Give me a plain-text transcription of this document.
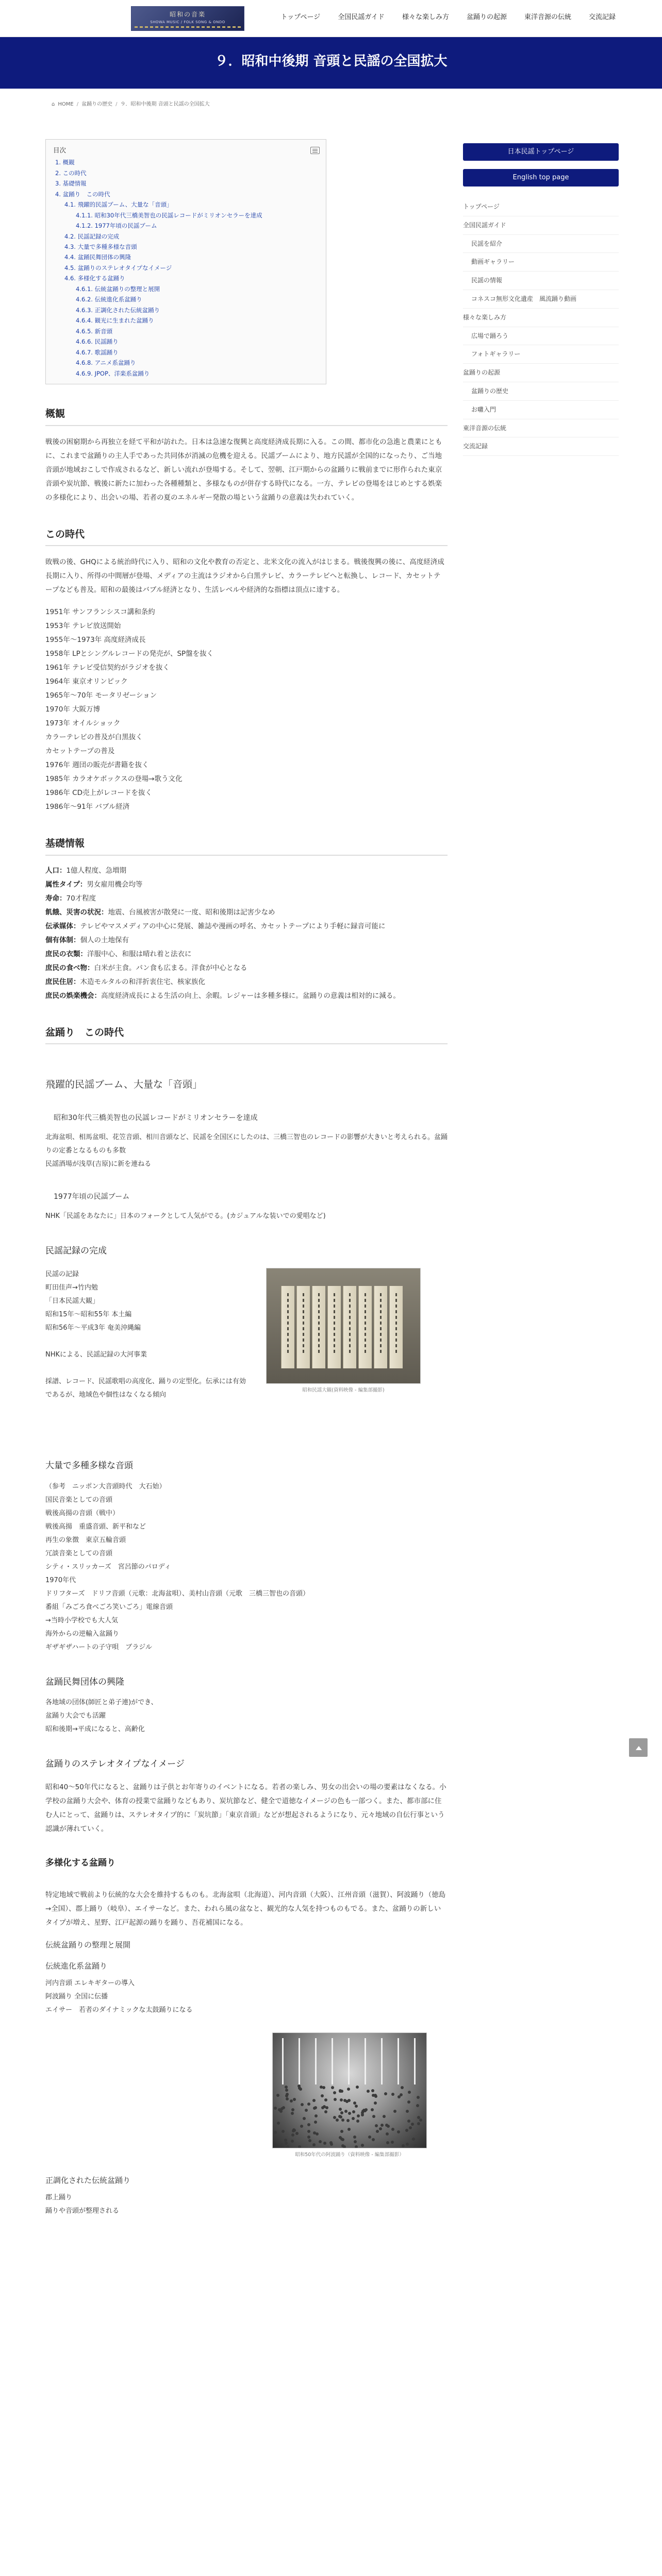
昭和の音楽
SHOWA MUSIC / FOLK SONG & ONDO
トップページ	全国民謡ガイド	様々な楽しみ方	盆踊りの起源	東洋音源の伝統	交流記録
９．昭和中後期 音頭と民謡の全国拡大
⌂ HOME / 盆踊りの歴史 / ９．昭和中後期 音頭と民謡の全国拡大
目次
1. 概観
2. この時代
3. 基礎情報
4. 盆踊り　この時代
4.1. 飛躍的民謡ブーム、大量な「音頭」
4.1.1. 昭和30年代三橋美智也の民謡レコードがミリオンセラーを達成
4.1.2. 1977年頃の民謡ブーム
4.2. 民謡記録の完成
4.3. 大量で多種多様な音頭
4.4. 盆踊民舞団体の興隆
4.5. 盆踊りのステレオタイプなイメージ
4.6. 多様化する盆踊り
4.6.1. 伝統盆踊りの整理と展開
4.6.2. 伝統進化系盆踊り
4.6.3. 正調化された伝統盆踊り
4.6.4. 観光に生まれた盆踊り
4.6.5. 新音頭
4.6.6. 民謡踊り
4.6.7. 歌謡踊り
4.6.8. アニメ系盆踊り
4.6.9. JPOP、洋楽系盆踊り
概観

戦後の困窮期から再独立を経て平和が訪れた。日本は急速な復興と高度経済成長期に入る。この間、都市化の急進と農業にともに、これまで盆踊りの主人手であった共同体が消滅の危機を迎える。民謡ブームにより、地方民謡が全国的になったり、ご当地音頭が地域おこしで作成されるなど、新しい流れが登場する。そして、翌朝、江戸期からの盆踊りに戦前までに形作られた東京音頭や炭坑節、戦後に新たに加わった各種種類と、多様なものが併存する時代になる。一方、テレビの登場をはじめとする娯楽の多様化により、出会いの場、若者の夏のエネルギー発散の場という盆踊りの意義は失われていく。

この時代

敗戦の後、GHQによる統治時代に入り、昭和の文化や教育の否定と、北米文化の流入がはじまる。戦後復興の後に、高度経済成長期に入り、所得の中間層が登場、メディアの主流はラジオから白黒テレビ、カラーテレビへと転換し、レコード、カセットテープなども普及。昭和の最後はバブル経済となり、生活レベルや経済的な指標は頂点に達する。

1951年 サンフランシスコ講和条約
1953年 テレビ放送開始
1955年〜1973年 高度経済成長
1958年 LPとシングルレコードの発売が、SP盤を抜く
1961年 テレビ受信契約がラジオを抜く
1964年 東京オリンピック
1965年〜70年 モータリゼーション
1970年 大阪万博
1973年 オイルショック
カラーテレビの普及が白黒抜く
カセットテープの普及
1976年 週団の販売が書籍を抜く
1985年 カラオケボックスの登場→歌う文化
1986年 CD売上がレコードを抜く
1986年〜91年 バブル経済
基礎情報
人口：1億人程度、急増期
属性タイプ：男女雇用機会均等
寿命：70才程度
飢餓、災害の状況：地震、台風被害が散発に一度、昭和後期は記害少なめ
伝承媒体：テレビやマスメディアの中心に発展、雑誌や漫画の呼名、カセットテープにより手軽に録音可能に
個有体制：個人の土地保有
庶民の衣類：洋服中心、和服は晴れ着と法衣に
庶民の食べ物：白米が主食。パン食も広まる。洋食が中心となる
庶民住居：木造モルタルの和洋折衷住宅、核家族化
庶民の娯楽機会：高度経済成長による生活の向上、余暇。レジャーは多種多様に。盆踊りの意義は相対的に減る。
盆踊り　この時代
飛躍的民謡ブーム、大量な「音頭」
昭和30年代三橋美智也の民謡レコードがミリオンセラーを達成
北海盆唄、相馬盆唄、花笠音頭、相川音頭など、民謡を全国区にしたのは、三橋三智也のレコードの影響が大きいと考えられる。盆踊りの定番となるものも多数
民謡酒場が浅草(吉原)に新を連ねる
1977年頃の民謡ブーム
NHK「民謡をあなたに」日本のフォークとして人気がでる。(カジュアルな装いでの愛唱など)
民謡記録の完成
民謡の記録
町田佳声→竹内勉
「日本民謡大観」
昭和15年〜昭和55年 本土編
昭和56年〜平成3年 奄美沖縄編

NHKによる、民謡記録の大河事業

採譜、レコード、民謡歌唱の高度化、踊りの定型化。伝承には有効であるが、地域色や個性はなくなる傾向
昭和民謡大観(資料映像 - 編集部撮影)
大量で多種多様な音頭
（参考　ニッポン大音頭時代　大石始）
国民音楽としての音頭
戦後高揚の音頭（戦中）
戦後高揚　重盛音頭、新平和など
再生の象徴　東京五輪音頭
冗談音楽としての音頭
シティ・スリッカーズ　宮呂節のパロディ
1970年代
ドリフターズ　ドリフ音頭（元歌：北海盆唄）、美村山音頭（元歌　三橋三智也の音頭）
番組「みごろ食べごろ笑いごろ」電線音頭
→当時小学校でも大人気
海外からの逆輸入盆踊り
ギザギザハートの子守唄　ブラジル
盆踊民舞団体の興隆
各地域の団体(師匠と弟子連)ができ、
盆踊り大会でも活躍
昭和後期→平成になると、高齢化
盆踊りのステレオタイプなイメージ

昭和40〜50年代になると、盆踊りは子供とお年寄りのイベントになる。若者の楽しみ、男女の出会いの場の要素はなくなる。小学校の盆踊り大会や、体育の授業で盆踊りなどもあり、炭坑節など、健全で道徳なイメージの色も一部つく。また、都市部に住む人にとって、盆踊りは、ステレオタイプ的に「炭坑節」「東京音頭」などが想起されるようになり、元々地域の自伝行事という認識が薄れていく。

多様化する盆踊り

特定地域で戦前より伝統的な大会を維持するものも。北海盆唄（北海道）、河内音頭（大阪）、江州音頭（滋賀）、阿波踊り（徳島→全国）、郡上踊り（岐阜）、エイサーなど。また、われら風の盆なと、観光的な人気を持つものもでる。また、盆踊りの新しいタイプが増え、星野、江戸起源の踊りを踊り、吾花補国になる。

伝統盆踊りの整理と展開
伝統進化系盆踊り
河内音頭 エレキギターの導入
阿波踊り 全国に伝播
エイサー　若者のダイナミックな太鼓踊りになる
昭和50年代の阿波踊り（資料映像 - 編集部撮影）
正調化された伝統盆踊り
郡上踊り
踊りや音頭が整理される
日本民謡トップページ
English top page
トップページ
全国民謡ガイド
民謡を紹介
動画ギャラリー
民謡の情報
コネスコ無形文化遺産　風流踊り動画
様々な楽しみ方
広場で踊ろう
フォトギャラリー
盆踊りの起源
盆踊りの歴史
お囃入門
東洋音源の伝統
交流記録
